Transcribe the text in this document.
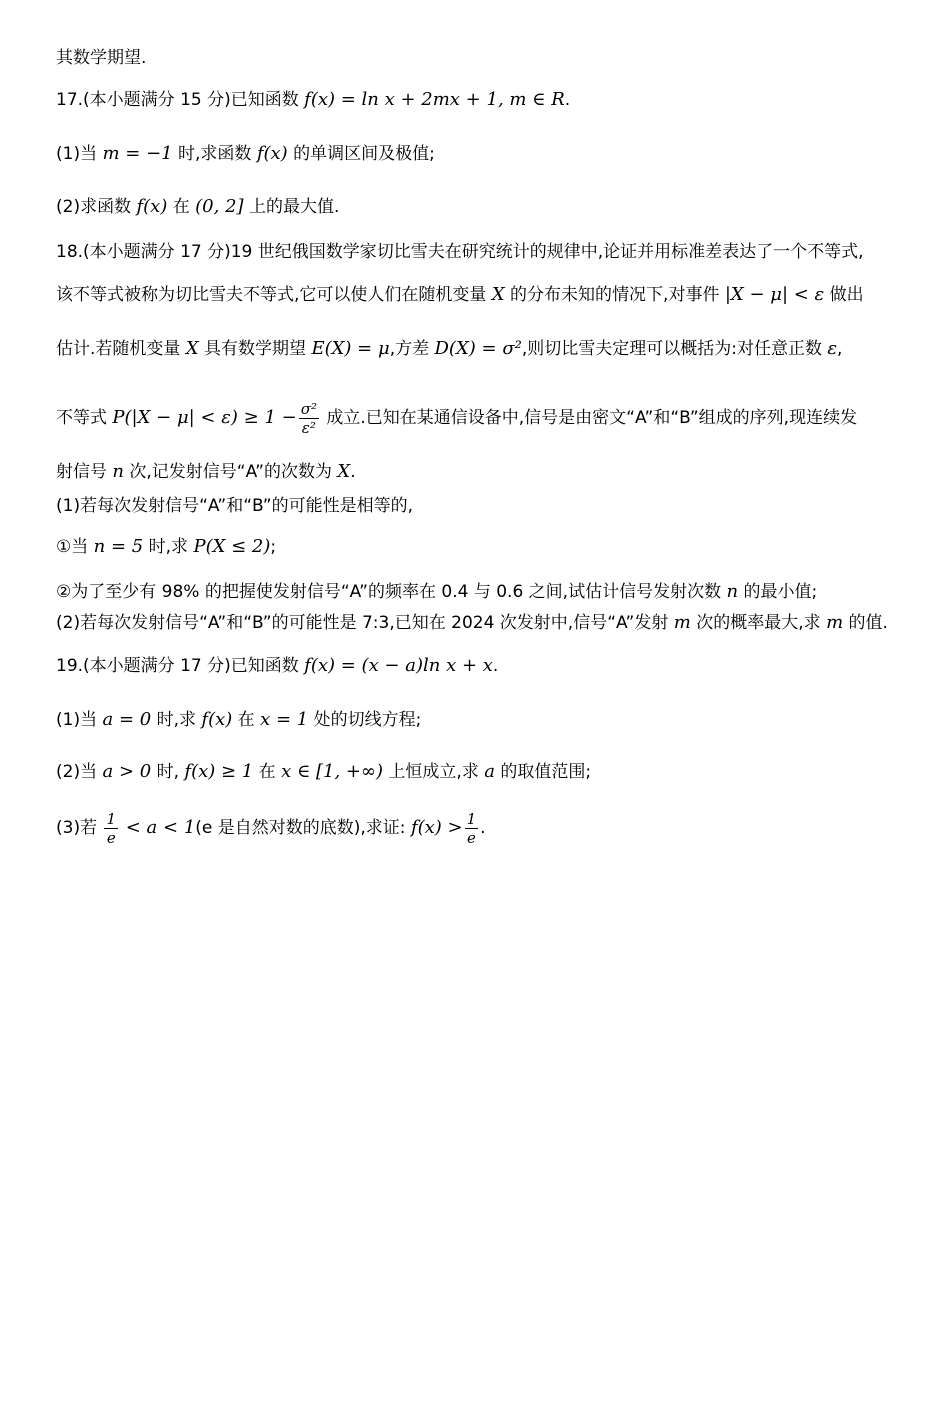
其数学期望.
17.(本小题满分 15 分)已知函数 f(x) = ln x + 2mx + 1, m ∈ R.
(1)当 m = −1 时,求函数 f(x) 的单调区间及极值;
(2)求函数 f(x) 在 (0, 2] 上的最大值.
18.(本小题满分 17 分)19 世纪俄国数学家切比雪夫在研究统计的规律中,论证并用标准差表达了一个不等式,
该不等式被称为切比雪夫不等式,它可以使人们在随机变量 X 的分布未知的情况下,对事件 |X − μ| < ε 做出
估计.若随机变量 X 具有数学期望 E(X) = μ,方差 D(X) = σ²,则切比雪夫定理可以概括为:对任意正数 ε,
不等式 $P(|X - \mu| < \varepsilon) \ge 1 - \frac{\text{σ²}}{\text{ε²}}$ 成立.已知在某通信设备中,信号是由密文“A”和“B”组成的序列,现连续发
射信号 n 次,记发射信号“A”的次数为 X.
(1)若每次发射信号“A”和“B”的可能性是相等的,
①当 n = 5 时,求 P(X ≤ 2);
②为了至少有 98% 的把握使发射信号“A”的频率在 0.4 与 0.6 之间,试估计信号发射次数 n 的最小值;
(2)若每次发射信号“A”和“B”的可能性是 7:3,已知在 2024 次发射中,信号“A”发射 m 次的概率最大,求 m 的值.
19.(本小题满分 17 分)已知函数 f(x) = (x − a)ln x + x.
(1)当 a = 0 时,求 f(x) 在 x = 1 处的切线方程;
(2)当 a > 0 时, f(x) ≥ 1 在 x ∈ [1, +∞) 上恒成立,求 a 的取值范围;
(3)若 $\frac{1}{e} < a < 1(e$ 是自然对数的底数),求证: $f(x) > \frac{1}{e}$ .
